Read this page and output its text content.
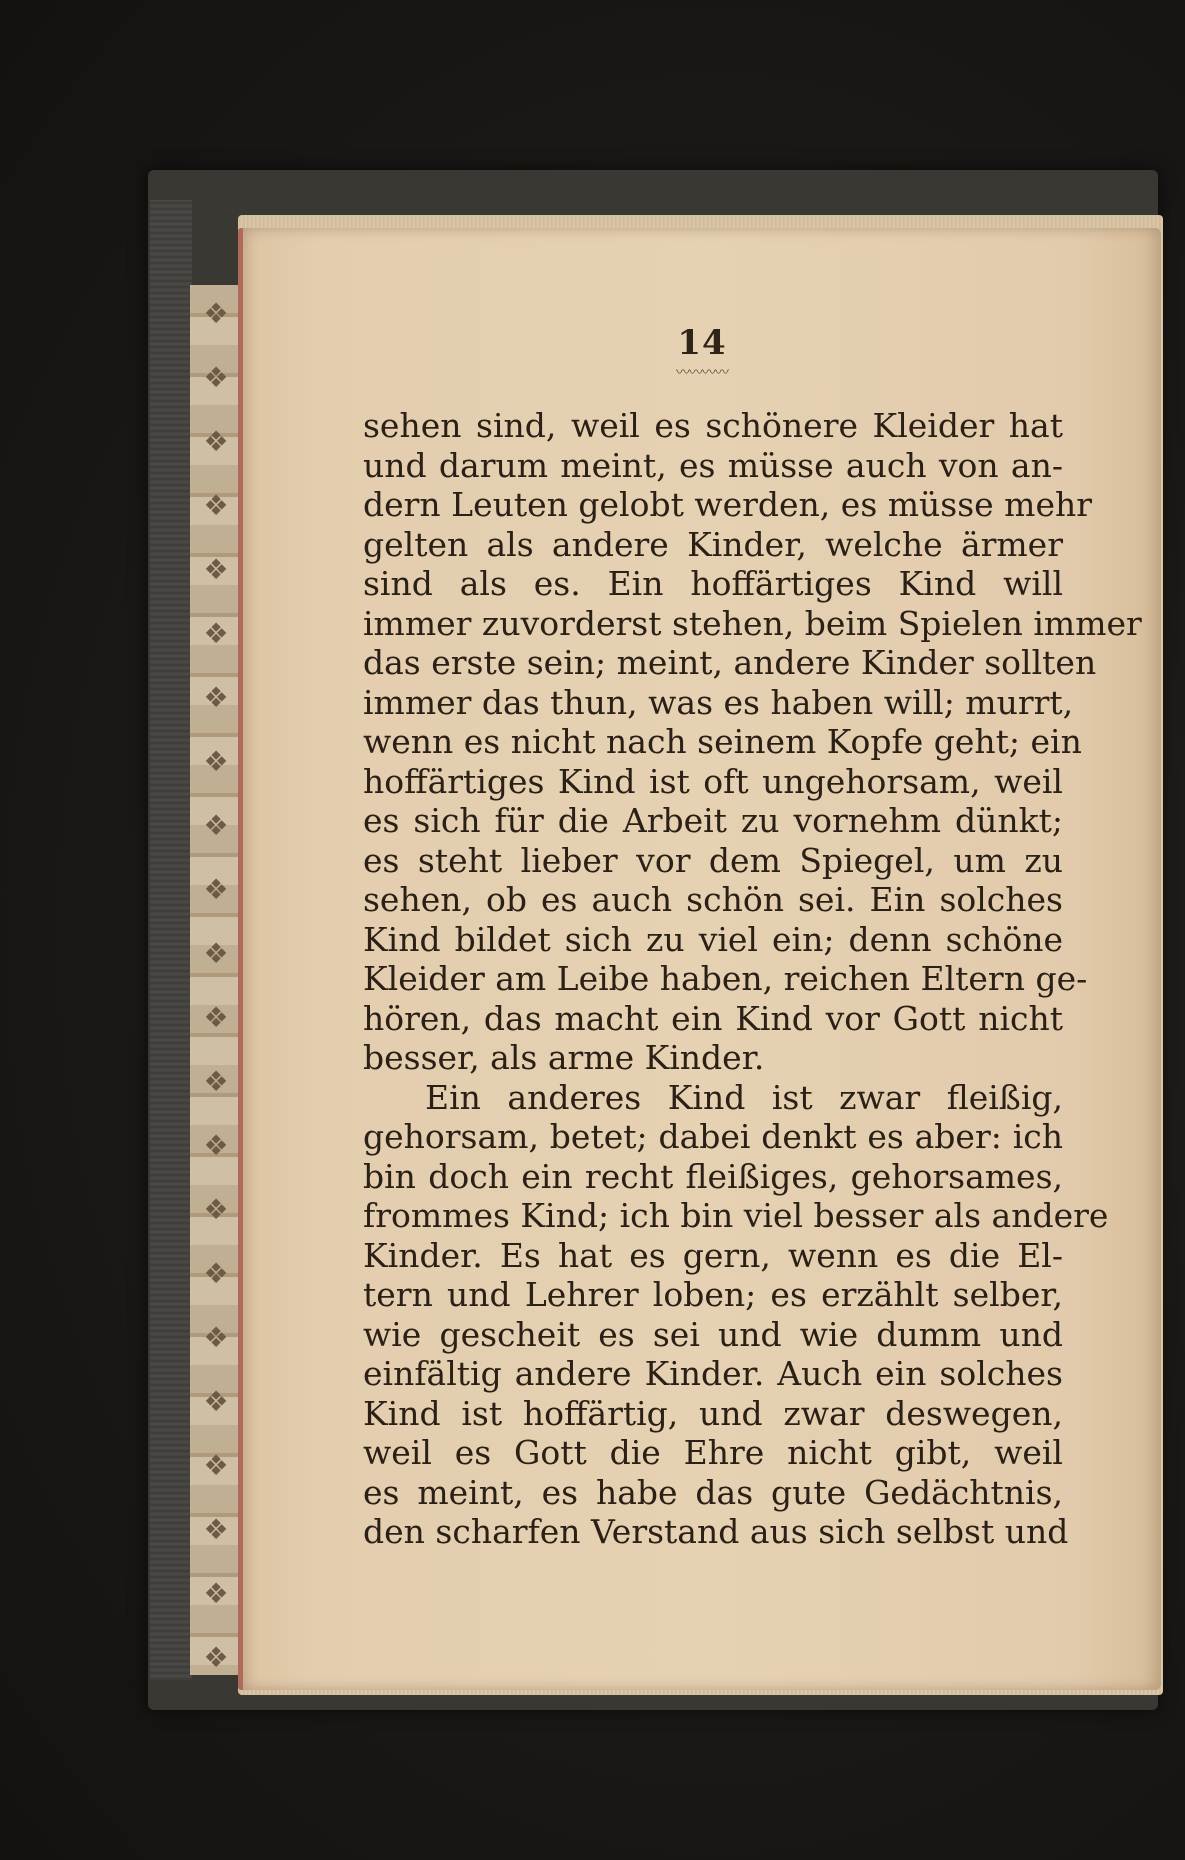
❖
❖
❖
❖
❖
❖
❖
❖
❖
❖
❖
❖
❖
❖
❖
❖
❖
❖
❖
❖
❖
❖
14
〰〰〰〰
sehen sind, weil es schönere Kleider hat
und darum meint, es müsse auch von an-
dern Leuten gelobt werden, es müsse mehr
gelten als andere Kinder, welche ärmer
sind als es. Ein hoffärtiges Kind will
immer zuvorderst stehen, beim Spielen immer
das erste sein; meint, andere Kinder sollten
immer das thun, was es haben will; murrt,
wenn es nicht nach seinem Kopfe geht; ein
hoffärtiges Kind ist oft ungehorsam, weil
es sich für die Arbeit zu vornehm dünkt;
es steht lieber vor dem Spiegel, um zu
sehen, ob es auch schön sei. Ein solches
Kind bildet sich zu viel ein; denn schöne
Kleider am Leibe haben, reichen Eltern ge-
hören, das macht ein Kind vor Gott nicht
besser, als arme Kinder.
Ein anderes Kind ist zwar fleißig,
gehorsam, betet; dabei denkt es aber: ich
bin doch ein recht fleißiges, gehorsames,
frommes Kind; ich bin viel besser als andere
Kinder. Es hat es gern, wenn es die El-
tern und Lehrer loben; es erzählt selber,
wie gescheit es sei und wie dumm und
einfältig andere Kinder. Auch ein solches
Kind ist hoffärtig, und zwar deswegen,
weil es Gott die Ehre nicht gibt, weil
es meint, es habe das gute Gedächtnis,
den scharfen Verstand aus sich selbst und
